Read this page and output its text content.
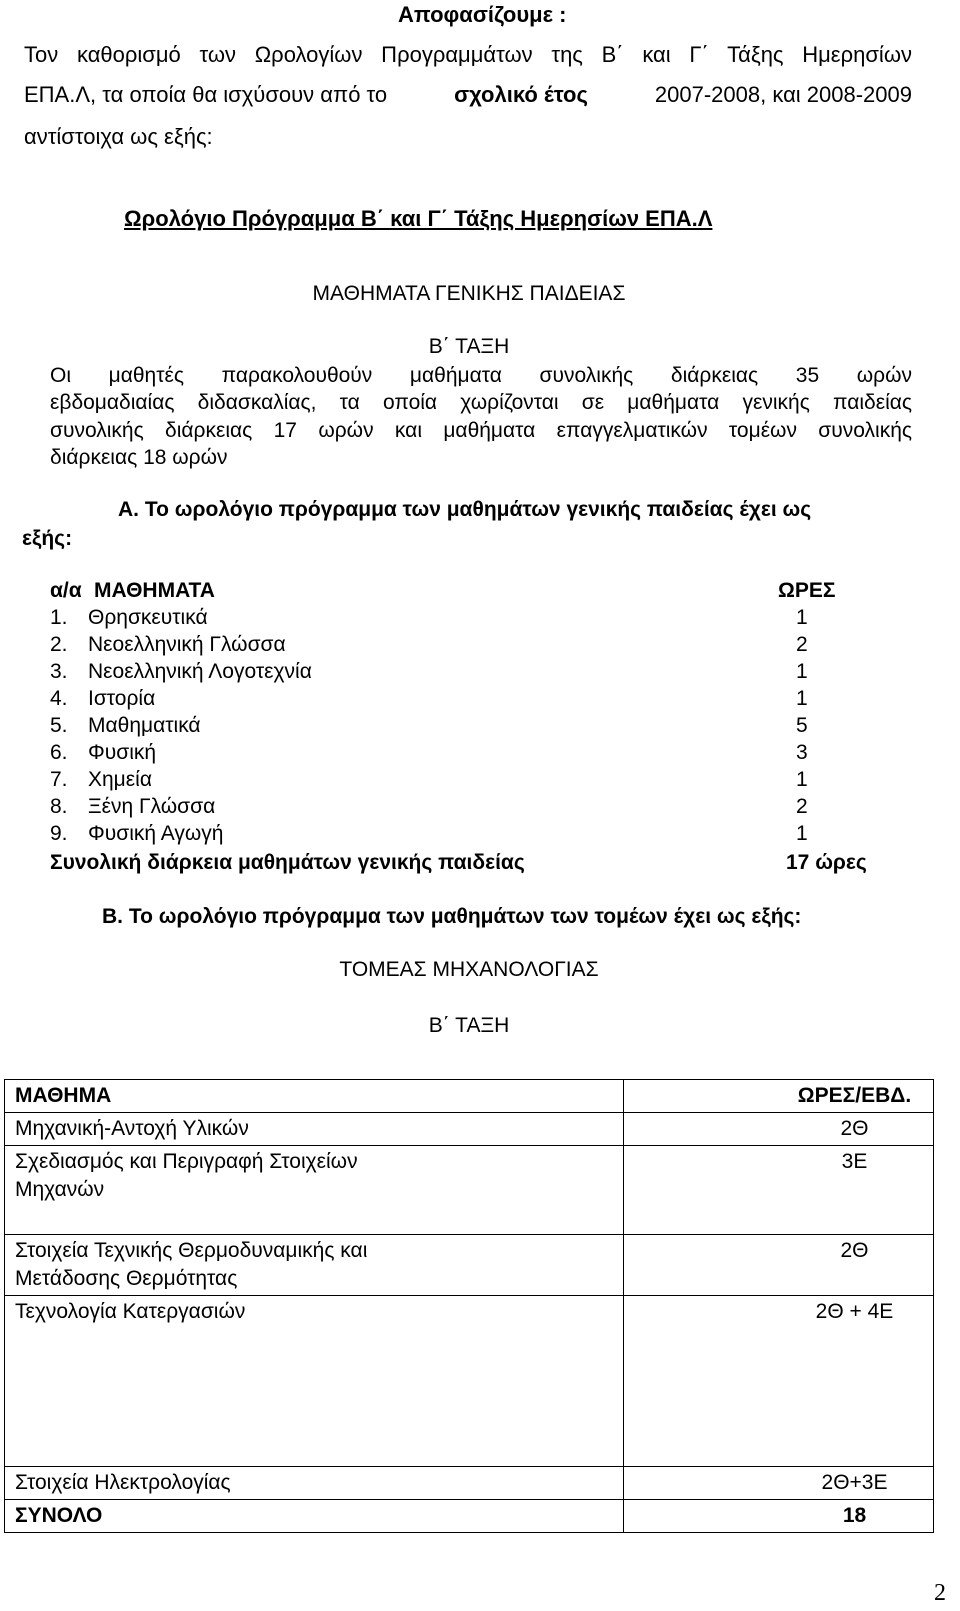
Αποφασίζουμε :
Τον καθορισμό των Ωρολογίων Προγραμμάτων της Β΄ και Γ΄ Τάξης Ημερησίων
ΕΠΑ.Λ, τα οποία θα ισχύσουν από το	σχολικό έτος	2007-2008, και 2008-2009
αντίστοιχα ως εξής:
Ωρολόγιο Πρόγραμμα Β΄ και Γ΄ Τάξης Ημερησίων ΕΠΑ.Λ
ΜΑΘΗΜΑΤΑ ΓΕΝΙΚΗΣ ΠΑΙΔΕΙΑΣ
Β΄ ΤΑΞΗ
Οι μαθητές παρακολουθούν μαθήματα συνολικής διάρκειας 35 ωρών
εβδομαδιαίας διδασκαλίας, τα οποία χωρίζονται σε μαθήματα γενικής παιδείας
συνολικής διάρκειας 17 ωρών και μαθήματα επαγγελματικών τομέων συνολικής
διάρκειας 18 ωρών
Α. Το ωρολόγιο πρόγραμμα των μαθημάτων γενικής παιδείας έχει ως
εξής:
α/α ΜΑΘΗΜΑΤΑ	ΩΡΕΣ
1. Θρησκευτικά	1
2. Νεοελληνική Γλώσσα	2
3. Νεοελληνική Λογοτεχνία	1
4. Ιστορία	1
5. Μαθηματικά	5
6. Φυσική	3
7. Χημεία	1
8. Ξένη Γλώσσα	2
9. Φυσική Αγωγή	1
Συνολική διάρκεια μαθημάτων γενικής παιδείας	17 ώρες
Β. Το ωρολόγιο πρόγραμμα των μαθημάτων των τομέων έχει ως εξής:
ΤΟΜΕΑΣ ΜΗΧΑΝΟΛΟΓΙΑΣ
Β΄ ΤΑΞΗ
ΜΑΘΗΜΑ	ΩΡΕΣ/ΕΒΔ.

Μηχανική-Αντοχή Υλικών	2Θ

Σχεδιασμός και Περιγραφή Στοιχείων
Μηχανών	3Ε

Στοιχεία Τεχνικής Θερμοδυναμικής και
Μετάδοσης Θερμότητας	2Θ

Τεχνολογία Κατεργασιών	2Θ + 4Ε

Στοιχεία Ηλεκτρολογίας	2Θ+3Ε
ΣΥΝΟΛΟ	18
2
